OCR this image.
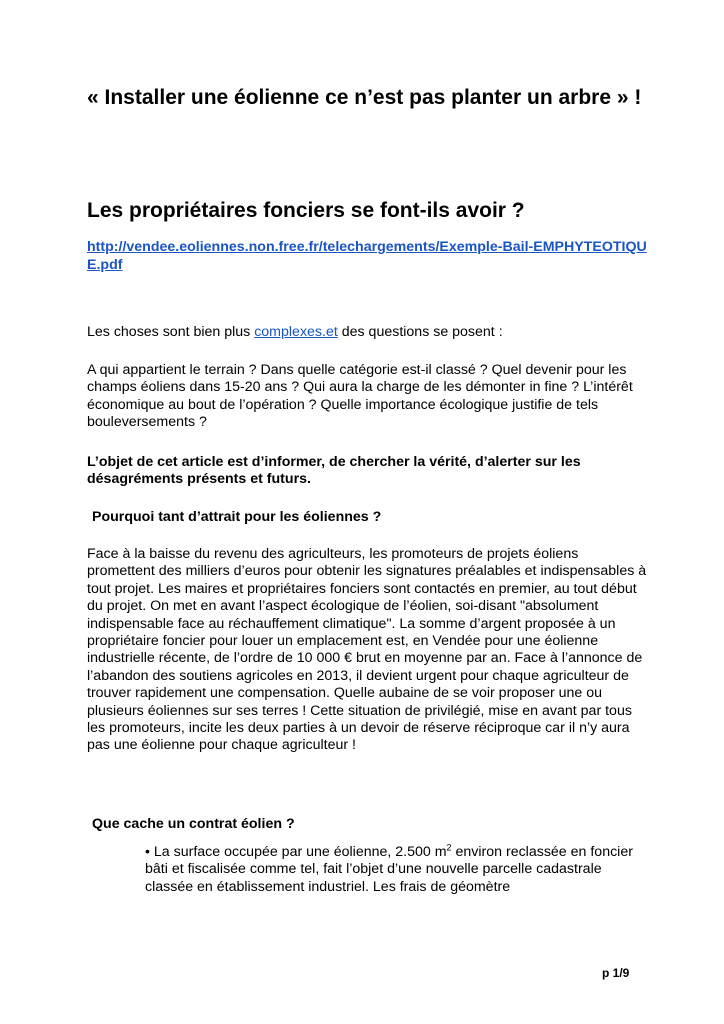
« Installer une éolienne ce n’est pas planter un arbre » !
Les propriétaires fonciers se font-ils avoir ?
http://vendee.eoliennes.non.free.fr/telechargements/Exemple-Bail-EMPHYTEOTIQUE.pdf

Les choses sont bien plus complexes.et des questions se posent :

A qui appartient le terrain ? Dans quelle catégorie est-il classé ? Quel devenir pour les champs éoliens dans 15-20 ans ? Qui aura la charge de les démonter in fine ? L’intérêt économique au bout de l’opération ? Quelle importance écologique justifie de tels bouleversements ?

L’objet de cet article est d’informer, de chercher la vérité, d’alerter sur les désagréments présents et futurs.

Pourquoi tant d’attrait pour les éoliennes ?

Face à la baisse du revenu des agriculteurs, les promoteurs de projets éoliens promettent des milliers d’euros pour obtenir les signatures préalables et indispensables à tout projet. Les maires et propriétaires fonciers sont contactés en premier, au tout début du projet. On met en avant l’aspect écologique de l’éolien, soi-disant "absolument indispensable face au réchauffement climatique". La somme d’argent proposée à un propriétaire foncier pour louer un emplacement est, en Vendée pour une éolienne industrielle récente, de l’ordre de 10 000 € brut en moyenne par an. Face à l’annonce de l’abandon des soutiens agricoles en 2013, il devient urgent pour chaque agriculteur de trouver rapidement une compensation. Quelle aubaine de se voir proposer une ou plusieurs éoliennes sur ses terres ! Cette situation de privilégié, mise en avant par tous les promoteurs, incite les deux parties à un devoir de réserve réciproque car il n’y aura pas une éolienne pour chaque agriculteur !

Que cache un contrat éolien ?

• La surface occupée par une éolienne, 2.500 $m^2$ environ reclassée en foncier bâti et fiscalisée comme tel, fait l’objet d’une nouvelle parcelle cadastrale classée en établissement industriel. Les frais de géomètre

p 1/9
